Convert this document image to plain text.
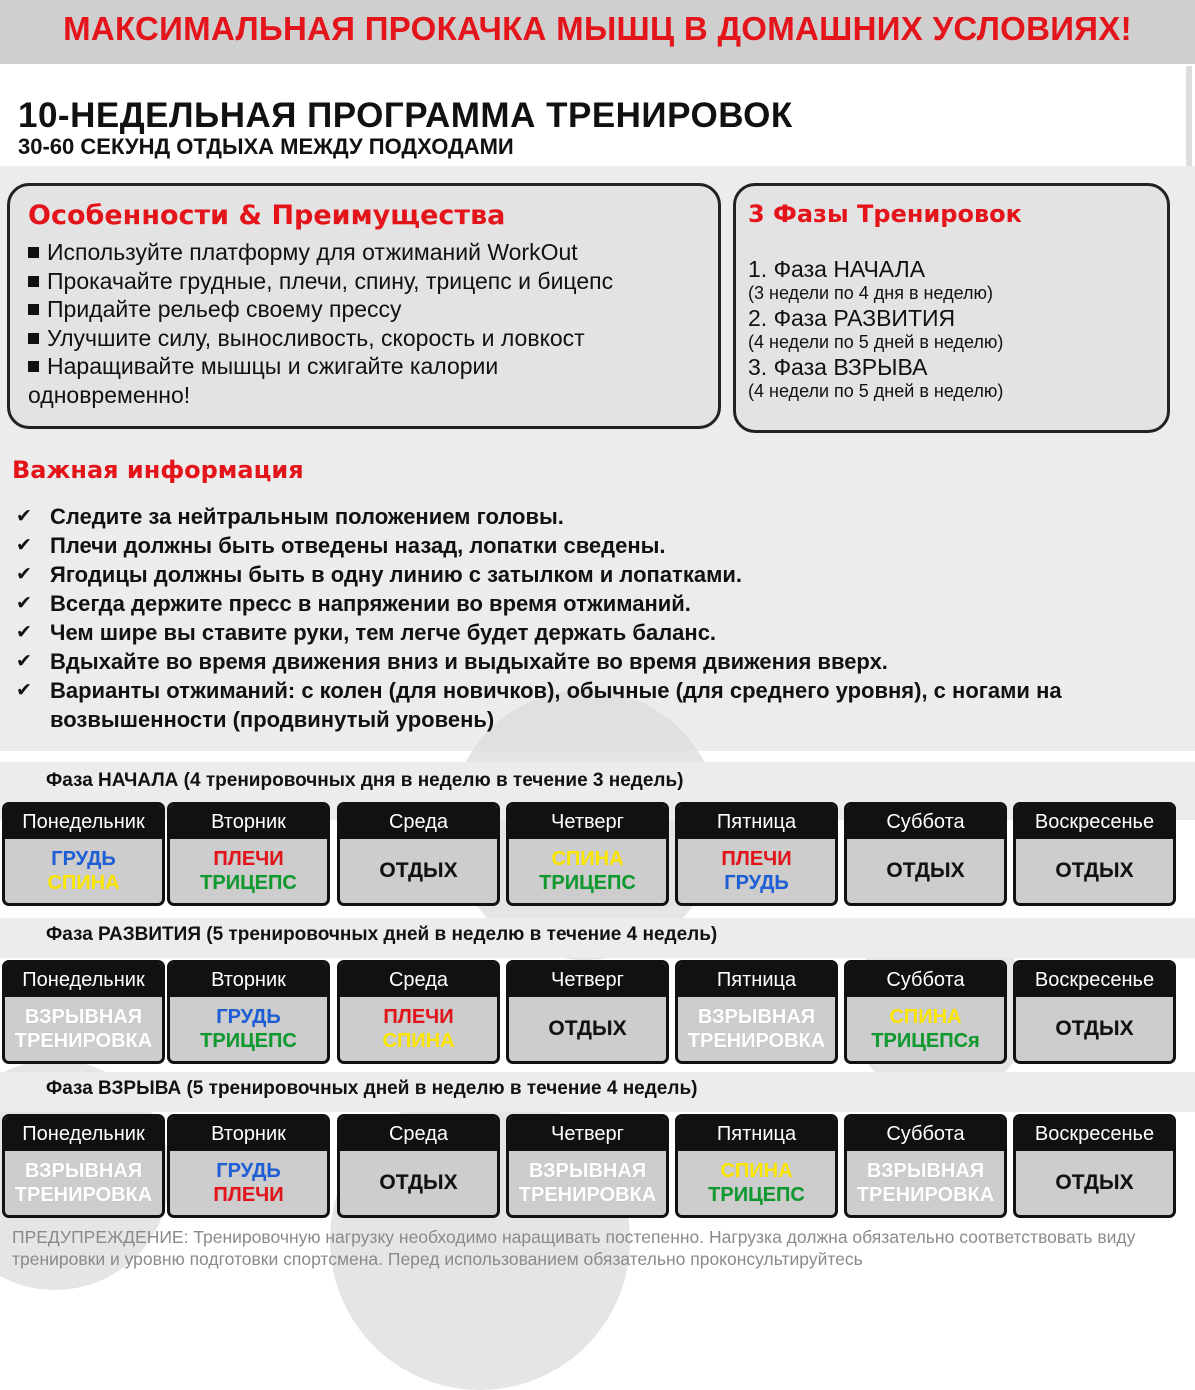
МАКСИМАЛЬНАЯ ПРОКАЧКА МЫШЦ В ДОМАШНИХ УСЛОВИЯХ!
10-НЕДЕЛЬНАЯ ПРОГРАММА ТРЕНИРОВОК
30-60 СЕКУНД ОТДЫХА МЕЖДУ ПОДХОДАМИ
Особенности & Преимущества
Используйте платформу для отжиманий WorkOut
Прокачайте грудные, плечи, спину, трицепс и бицепс
Придайте рельеф своему прессу
Улучшите силу, выносливость, скорость и ловкост
Наращивайте мышцы и сжигайте калории
одновременно!
3 Фазы Тренировок
1. Фаза НАЧАЛА
(3 недели по 4 дня в неделю)
2. Фаза РАЗВИТИЯ
(4 недели по 5 дней в неделю)
3. Фаза ВЗРЫВА
(4 недели по 5 дней в неделю)
Важная информация
✔ Следите за нейтральным положением головы.
✔ Плечи должны быть отведены назад, лопатки сведены.
✔ Ягодицы должны быть в одну линию с затылком и лопатками.
✔ Всегда держите пресс в напряжении во время отжиманий.
✔ Чем шире вы ставите руки, тем легче будет держать баланс.
✔ Вдыхайте во время движения вниз и выдыхайте во время движения вверх.
✔ Варианты отжиманий: с колен (для новичков), обычные (для среднего уровня), с ногами на возвышенности (продвинутый уровень)
Фаза НАЧАЛА (4 тренировочных дня в неделю в течение 3 недель)
Фаза РАЗВИТИЯ (5 тренировочных дней в неделю в течение 4 недель)
Фаза ВЗРЫВА (5 тренировочных дней в неделю в течение 4 недель)
Понедельник
ГРУДЬ
СПИНА
Вторник
ПЛЕЧИ
ТРИЦЕПС
Среда
ОТДЫХ
Четверг
СПИНА
ТРИЦЕПС
Пятница
ПЛЕЧИ
ГРУДЬ
Суббота
ОТДЫХ
Воскресенье
ОТДЫХ
Понедельник
ВЗРЫВНАЯ
ТРЕНИРОВКА
Вторник
ГРУДЬ
ТРИЦЕПС
Среда
ПЛЕЧИ
СПИНА
Четверг
ОТДЫХ
Пятница
ВЗРЫВНАЯ
ТРЕНИРОВКА
Суббота
СПИНА
ТРИЦЕПСя
Воскресенье
ОТДЫХ
Понедельник
ВЗРЫВНАЯ
ТРЕНИРОВКА
Вторник
ГРУДЬ
ПЛЕЧИ
Среда
ОТДЫХ
Четверг
ВЗРЫВНАЯ
ТРЕНИРОВКА
Пятница
СПИНА
ТРИЦЕПС
Суббота
ВЗРЫВНАЯ
ТРЕНИРОВКА
Воскресенье
ОТДЫХ
ПРЕДУПРЕЖДЕНИЕ: Тренировочную нагрузку необходимо наращивать постепенно. Нагрузка должна обязательно соответствовать виду тренировки и уровню подготовки спортсмена. Перед использованием обязательно проконсультируйтесь
